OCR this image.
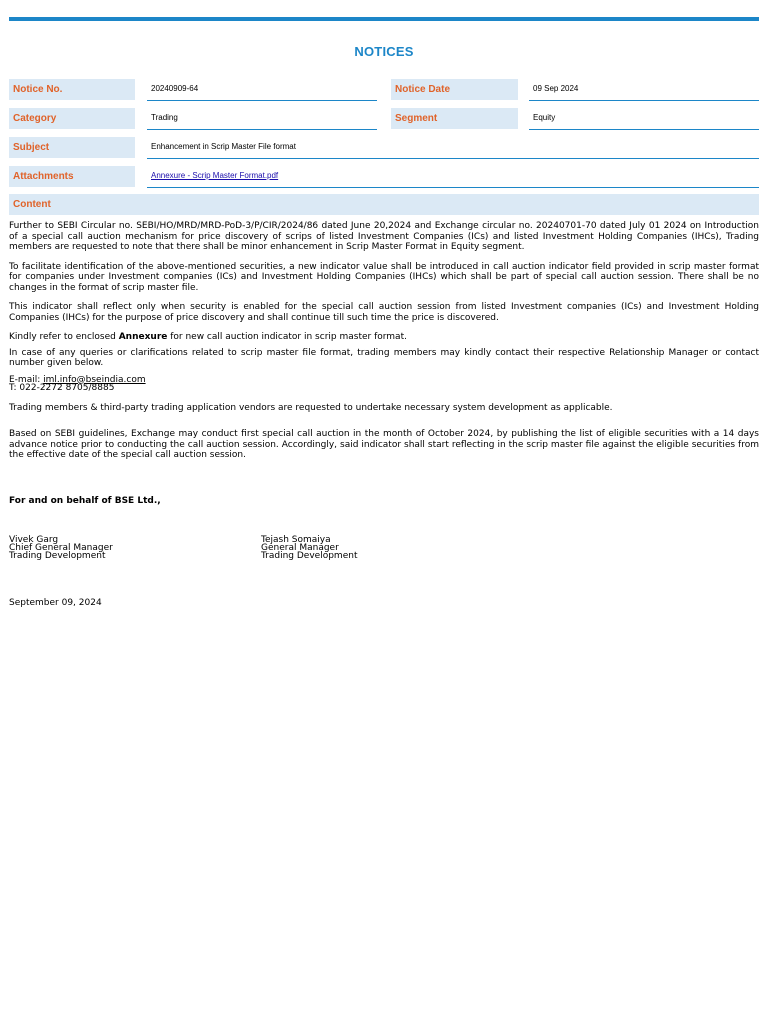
NOTICES
Notice No.	20240909-64	Notice Date	09 Sep 2024
Category	Trading	Segment	Equity
Subject	Enhancement in Scrip Master File format
Attachments	Annexure - Scrip Master Format.pdf
Content

Further to SEBI Circular no. SEBI/HO/MRD/MRD-PoD-3/P/CIR/2024/86 dated June 20,2024 and Exchange circular no. 20240701-70 dated July 01 2024 on Introduction of a special call auction mechanism for price discovery of scrips of listed Investment Companies (ICs) and listed Investment Holding Companies (IHCs), Trading members are requested to note that there shall be minor enhancement in Scrip Master Format in Equity segment.

To facilitate identification of the above-mentioned securities, a new indicator value shall be introduced in call auction indicator field provided in scrip master format for companies under Investment companies (ICs) and Investment Holding Companies (IHCs) which shall be part of special call auction session. There shall be no changes in the format of scrip master file.

This indicator shall reflect only when security is enabled for the special call auction session from listed Investment companies (ICs) and Investment Holding Companies (IHCs) for the purpose of price discovery and shall continue till such time the price is discovered.

Kindly refer to enclosed Annexure for new call auction indicator in scrip master format.

In case of any queries or clarifications related to scrip master file format, trading members may kindly contact their respective Relationship Manager or contact number given below.

E-mail: iml.info@bseindia.com
T: 022-2272 8705/8885

Trading members & third-party trading application vendors are requested to undertake necessary system development as applicable.

Based on SEBI guidelines, Exchange may conduct first special call auction in the month of October 2024, by publishing the list of eligible securities with a 14 days advance notice prior to conducting the call auction session. Accordingly, said indicator shall start reflecting in the scrip master file against the eligible securities from the effective date of the special call auction session.

For and on behalf of BSE Ltd.,

Vivek Garg
Chief General Manager
Trading Development
Tejash Somaiya
General Manager
Trading Development
September 09, 2024
